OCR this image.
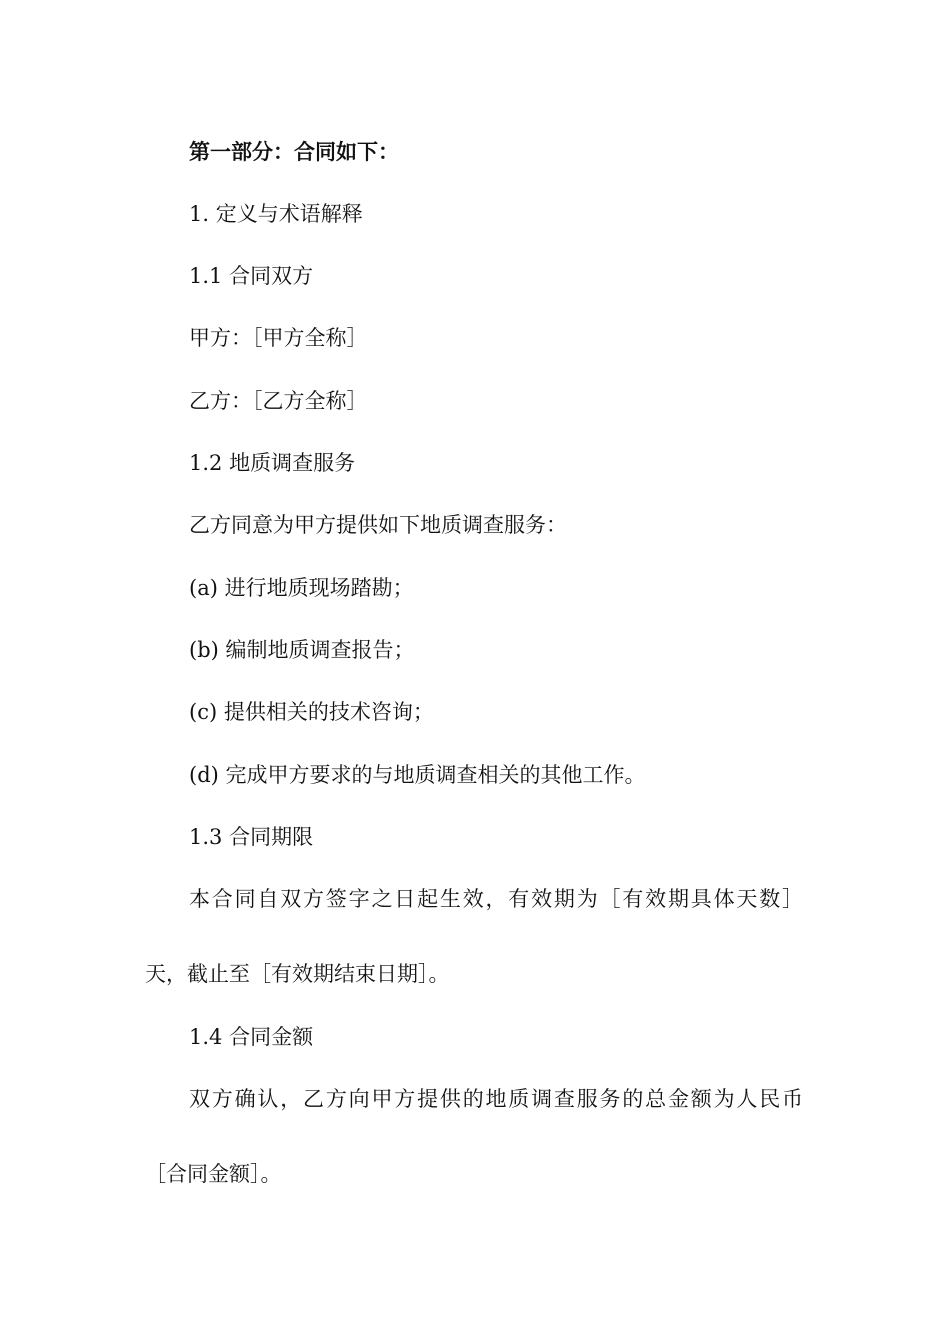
第一部分：合同如下：
1. 定义与术语解释
1.1 合同双方
甲方：［甲方全称］
乙方：［乙方全称］
1.2 地质调查服务
乙方同意为甲方提供如下地质调查服务：
(a) 进行地质现场踏勘；
(b) 编制地质调查报告；
(c) 提供相关的技术咨询；
(d) 完成甲方要求的与地质调查相关的其他工作。
1.3 合同期限
本合同自双方签字之日起生效，有效期为［有效期具体天数］
天，截止至［有效期结束日期］。
1.4 合同金额
双方确认，乙方向甲方提供的地质调查服务的总金额为人民币
［合同金额］。
